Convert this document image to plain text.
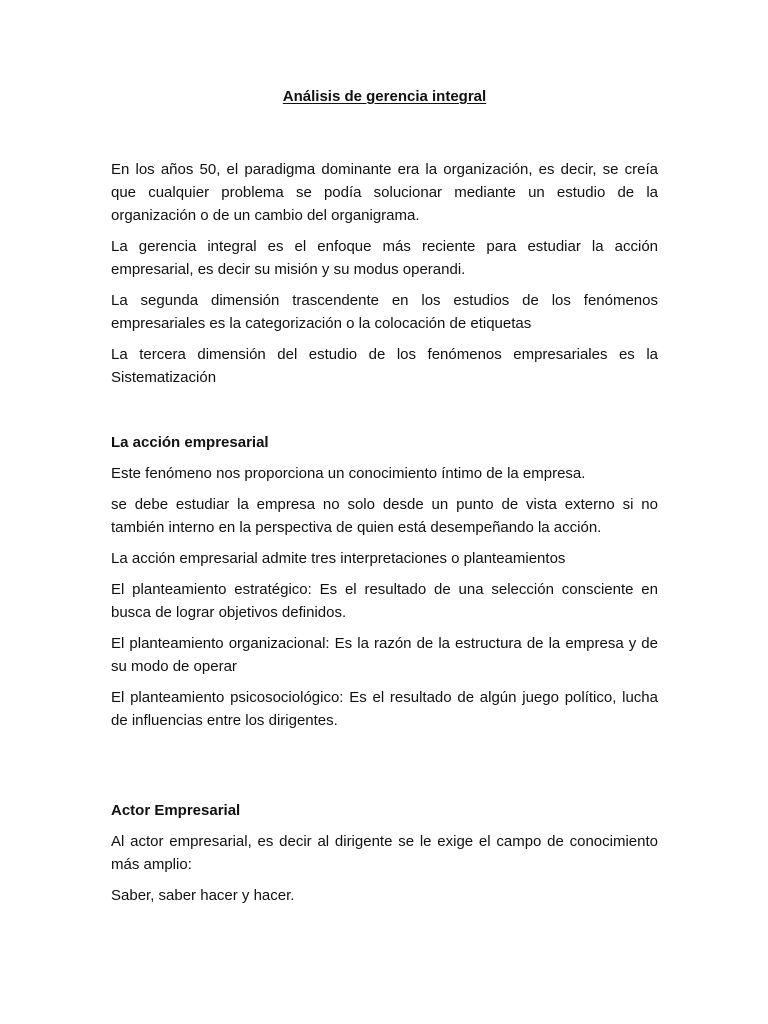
Análisis de gerencia integral

En los años 50, el paradigma dominante era la organización, es decir, se creía que cualquier problema se podía solucionar mediante un estudio de la organización o de un cambio del organigrama.

La gerencia integral es el enfoque más reciente para estudiar la acción empresarial, es decir su misión y su modus operandi.

La segunda dimensión trascendente en los estudios de los fenómenos empresariales es la categorización o la colocación de etiquetas

La tercera dimensión del estudio de los fenómenos empresariales es la Sistematización

La acción empresarial

Este fenómeno nos proporciona un conocimiento íntimo de la empresa.

se debe estudiar la empresa no solo desde un punto de vista externo si no también interno en la perspectiva de quien está desempeñando la acción.

La acción empresarial admite tres interpretaciones o planteamientos

El planteamiento estratégico: Es el resultado de una selección consciente en busca de lograr objetivos definidos.

El planteamiento organizacional: Es la razón de la estructura de la empresa y de su modo de operar

El planteamiento psicosociológico: Es el resultado de algún juego político, lucha de influencias entre los dirigentes.

Actor Empresarial

Al actor empresarial, es decir al dirigente se le exige el campo de conocimiento más amplio:

Saber, saber hacer y hacer.
